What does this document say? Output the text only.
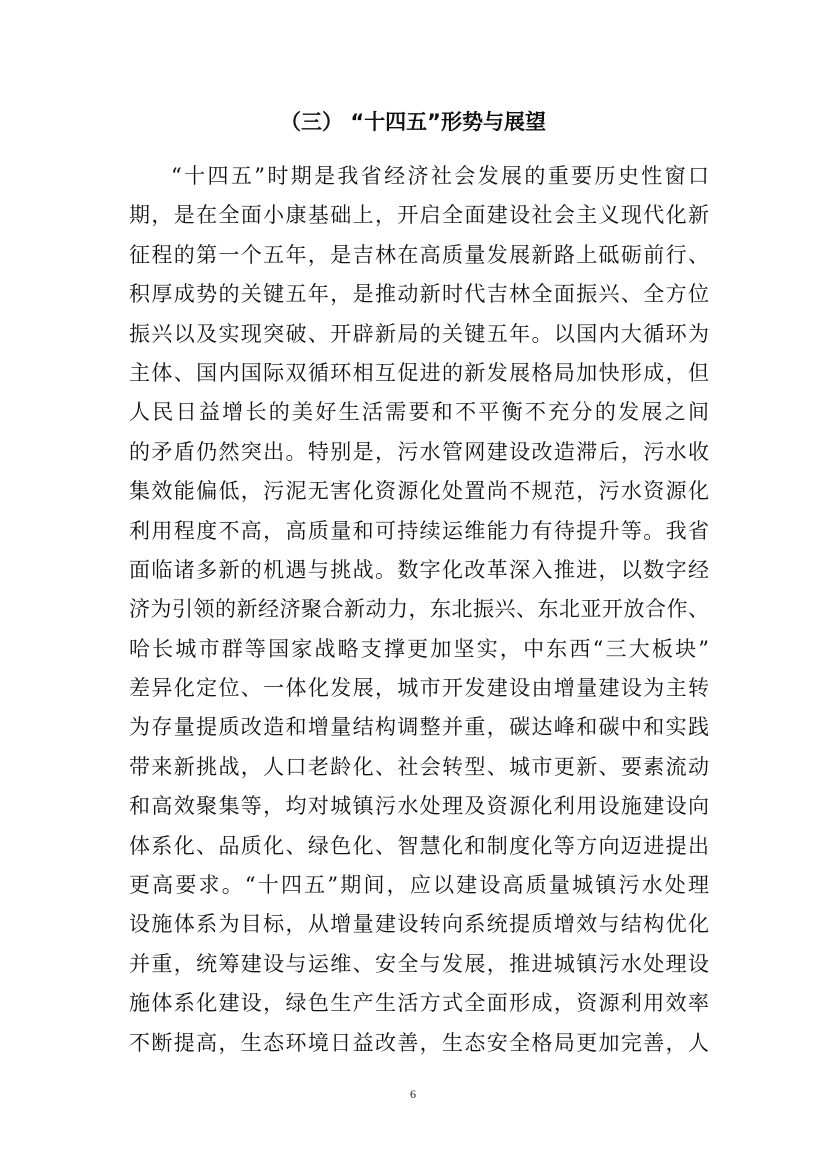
（三） “十四五”形势与展望
“十四五”时期是我省经济社会发展的重要历史性窗口
期，是在全面小康基础上，开启全面建设社会主义现代化新
征程的第一个五年，是吉林在高质量发展新路上砥砺前行、
积厚成势的关键五年，是推动新时代吉林全面振兴、全方位
振兴以及实现突破、开辟新局的关键五年。以国内大循环为
主体、国内国际双循环相互促进的新发展格局加快形成，但
人民日益增长的美好生活需要和不平衡不充分的发展之间
的矛盾仍然突出。特别是，污水管网建设改造滞后，污水收
集效能偏低，污泥无害化资源化处置尚不规范，污水资源化
利用程度不高，高质量和可持续运维能力有待提升等。我省
面临诸多新的机遇与挑战。数字化改革深入推进，以数字经
济为引领的新经济聚合新动力，东北振兴、东北亚开放合作、
哈长城市群等国家战略支撑更加坚实，中东西“三大板块”
差异化定位、一体化发展，城市开发建设由增量建设为主转
为存量提质改造和增量结构调整并重，碳达峰和碳中和实践
带来新挑战，人口老龄化、社会转型、城市更新、要素流动
和高效聚集等，均对城镇污水处理及资源化利用设施建设向
体系化、品质化、绿色化、智慧化和制度化等方向迈进提出
更高要求。“十四五”期间，应以建设高质量城镇污水处理
设施体系为目标，从增量建设转向系统提质增效与结构优化
并重，统筹建设与运维、安全与发展，推进城镇污水处理设
施体系化建设，绿色生产生活方式全面形成，资源利用效率
不断提高，生态环境日益改善，生态安全格局更加完善，人
6
